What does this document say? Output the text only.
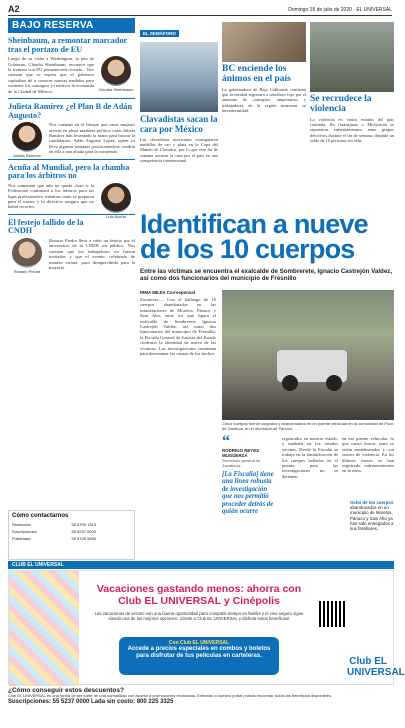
A2	Domingo 19 de julio de 2020 · EL UNIVERSAL
BAJO RESERVA
Sheinbaum, a remontar marcador tras el portazo de EU
Claudia Sheinbaum
Luego de su visita a Washington, la jefa de Gobierno, Claudia Sheinbaum, reconoce que la frontera con EU permanecerá cerrada... Nos cuentan que se espera que el gobierno capitalino dé a conocer nuevas medidas para contener los contagios y reactivar la economía de la Ciudad de México.
Julieta Ramírez ¿el Plan B de Adán Augusto?
Julieta Ramírez
Nos cuentan en el bloque que otras mujeres activas en plena madurez política como Julieta Ramírez han levantado la mano para buscar la candidatura. Adán Augusto López, quien ya lleva algunas semanas posicionándose, tendría en ella a una aliada para la contienda.
Acuña al Mundial, pero la chamba para los árbitros no
Luis Acuña
Nos comentan que aún no queda claro si la Federación contratará a los árbitros para las ligas profesionales; mientras tanto se preparan para el torneo y la directiva asegura que no habrá recortes.
El festejo fallido de la CNDH
Rosario Piedra
Rosario Piedra lleva a cabo un festejo por el aniversario de la CNDH sin público. Nos cuentan que los trabajadores no fueron invitados y que el evento, celebrado de manera virtual, pasó desapercibido para la mayoría.
Cómo contactarnos
Redacción	55 5709 1313
Suscripciones	55 5237 0000
Publicidad	55 5705 5050
EL SEMÁFORO
Clavadistas sacan la cara por México
Las clavadistas mexicanas consiguieron medallas de oro y plata en la Copa del Mundo de Clavados, por lo que este fin de semana sacaron la cara por el país en una competencia internacional.
BC enciende los ánimos en el país
La gobernadora de Baja California confirmó que la entidad regresará a semáforo rojo por el aumento de contagios; empresarios y trabajadores de la región muestran su inconformidad.
Se recrudece la violencia
La violencia en varios estados del país continúa. En Guanajuato y Michoacán se reportaron enfrentamientos entre grupos delictivos durante el fin de semana, dejando un saldo de 10 personas sin vida.
Identifican a nueve de los 10 cuerpos
Entre las víctimas se encuentra el exalcalde de Sombrerete, Ignacio Castrejón Valdez, así como dos funcionarios del municipio de Fresnillo
IRMA MEJÍA Corresponsal
Zacatecas.— Con el hallazgo de 10 cuerpos abandonados en las inmediaciones de Morelos, Pánuco y Sain Alto, entre los que figura el exalcalde de Sombrerete Ignacio Castrejón Valdez, así como dos funcionarios del municipio de Fresnillo, la Fiscalía General de Justicia del Estado confirmó la identidad de nueve de las víctimas. Las investigaciones continúan para determinar las causas de los hechos.
Cinco cuerpos fueron colgados y abandonados en un puente vehicular en la comunidad de Pozo de Gamboa, en el municipio de Pánuco.
“
RODRIGO REYES MUGÜERZA
Secretario general de Zacatecas
[La Fiscalía] tiene una línea robusta de investigación que nos permitió proceder detrás de quién ocurre
registrados en nuestro estado, y también en los estados vecinos. Desde la Fiscalía se trabaja en la identificación de los cuerpos hallados en el puente, pero las investigaciones no se detienen.
en ese puente vehicular, lo que causó horror, pues se veían semidesnudos y con rastros de violencia. En los últimos meses se han registrado enfrentamientos en la zona.
Ocho de los cuerpos abandonados en un municipio de Morelos, Pánuco y Sain Alto ya han sido entregados a sus familiares.
CLUB EL UNIVERSAL
Vacaciones gastando menos: ahorra con Club EL UNIVERSAL y Cinépolis
Las vacaciones de verano son una buena oportunidad para compartir tiempo en familia y el cine seguro sigue siendo una de las mejores opciones. ¡Únete a Club EL UNIVERSAL y disfruta estos beneficios!
Con Club EL UNIVERSAL
Accede a precios especiales en combos y boletos para disfrutar de tus películas en carteleras.	Club EL UNIVERSAL
¿Cómo conseguir estos descuentos?
Club EL UNIVERSAL es una forma de ser parte de una comunidad con acceso a promociones exclusivas. Entrando a nuestro portal podrás encontrar todos los beneficios disponibles.
Suscripciones: 55 5237 0000 Lada sin costo: 800 225 3325
